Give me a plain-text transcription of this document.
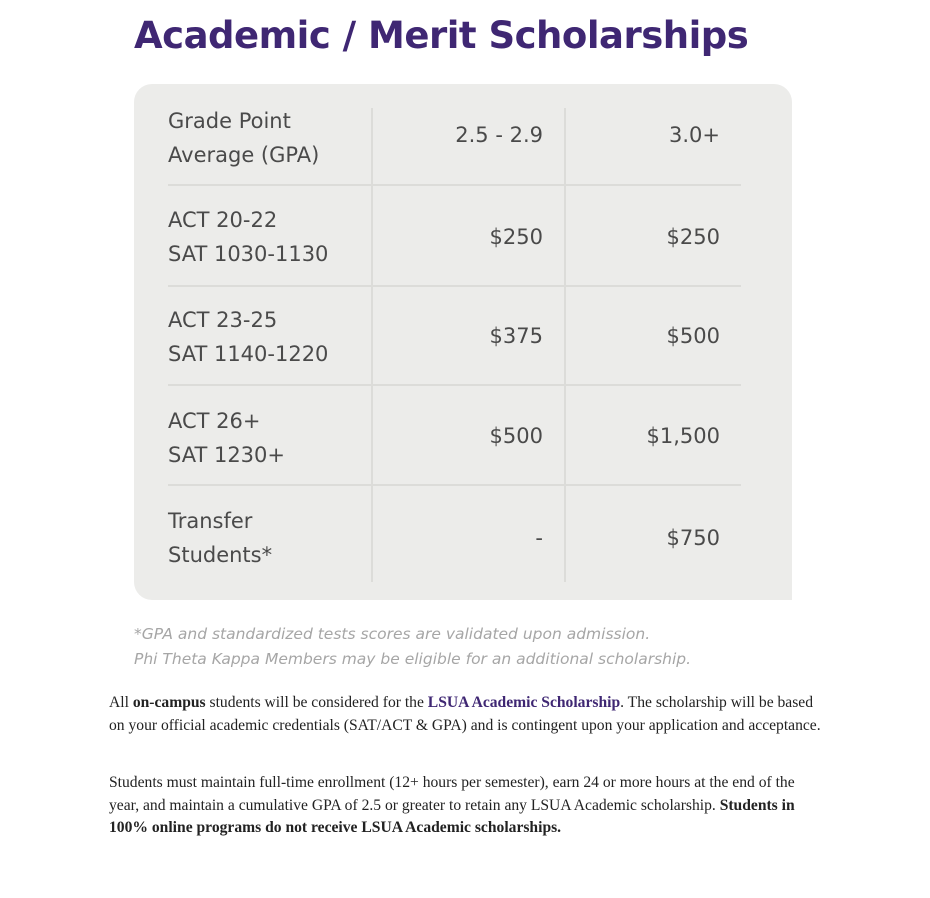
Academic / Merit Scholarships
Grade Point
Average (GPA)
2.5 - 2.9	3.0+
ACT 20-22
SAT 1030-1130
$250	$250
ACT 23-25
SAT 1140-1220
$375	$500
ACT 26+
SAT 1230+
$500	$1,500
Transfer
Students*
-	$750
*GPA and standardized tests scores are validated upon admission.
Phi Theta Kappa Members may be eligible for an additional scholarship.

All on-campus students will be considered for the LSUA Academic Scholarship. The scholarship will be based on your official academic credentials (SAT/ACT & GPA) and is contingent upon your application and acceptance.

Students must maintain full-time enrollment (12+ hours per semester), earn 24 or more hours at the end of the year, and maintain a cumulative GPA of 2.5 or greater to retain any LSUA Academic scholarship. Students in 100% online programs do not receive LSUA Academic scholarships.
